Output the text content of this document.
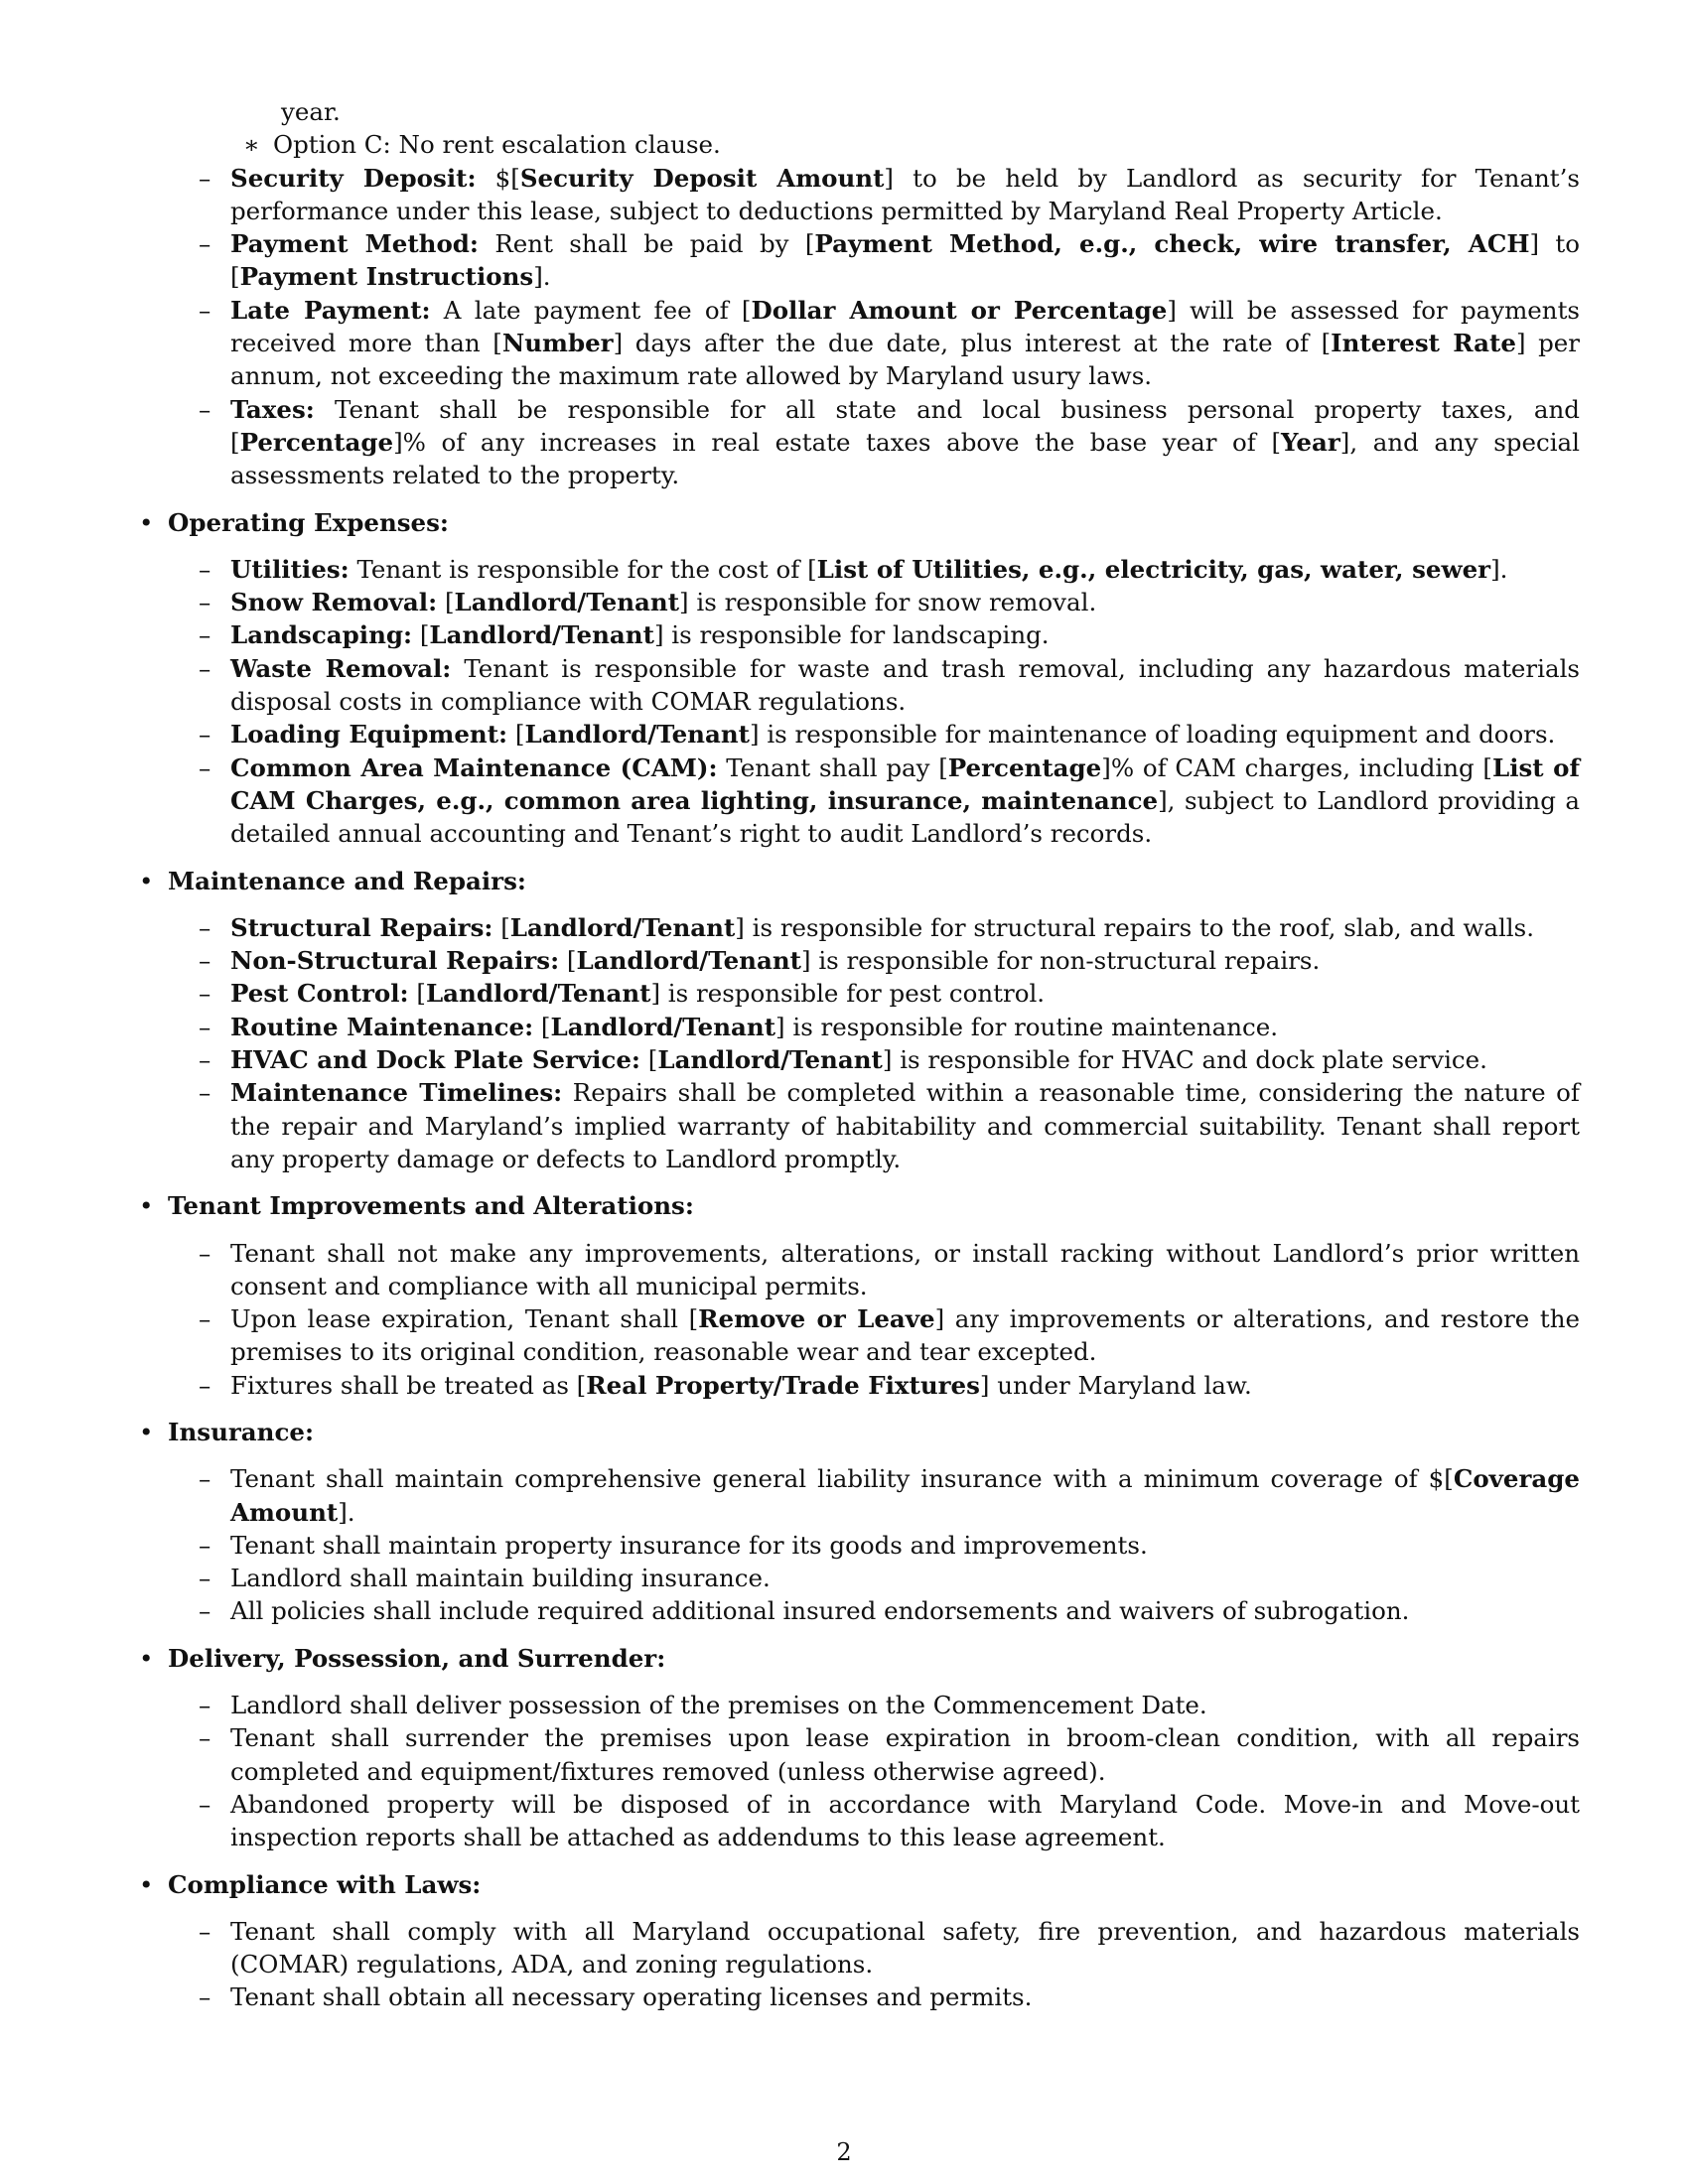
year.
∗ Option C: No rent escalation clause.
– Security Deposit: $[Security Deposit Amount] to be held by Landlord as security for Tenant’s performance under this lease, subject to deductions permitted by Maryland Real Property Article.
– Payment Method: Rent shall be paid by [Payment Method, e.g., check, wire transfer, ACH] to [Payment Instructions].
– Late Payment: A late payment fee of [Dollar Amount or Percentage] will be assessed for payments received more than [Number] days after the due date, plus interest at the rate of [Interest Rate] per annum, not exceeding the maximum rate allowed by Maryland usury laws.
– Taxes: Tenant shall be responsible for all state and local business personal property taxes, and [Percentage]% of any increases in real estate taxes above the base year of [Year], and any special assessments related to the property.
• Operating Expenses:
– Utilities: Tenant is responsible for the cost of [List of Utilities, e.g., electricity, gas, water, sewer].
– Snow Removal: [Landlord/Tenant] is responsible for snow removal.
– Landscaping: [Landlord/Tenant] is responsible for landscaping.
– Waste Removal: Tenant is responsible for waste and trash removal, including any hazardous materials disposal costs in compliance with COMAR regulations.
– Loading Equipment: [Landlord/Tenant] is responsible for maintenance of loading equipment and doors.
– Common Area Maintenance (CAM): Tenant shall pay [Percentage]% of CAM charges, including [List of CAM Charges, e.g., common area lighting, insurance, maintenance], subject to Landlord providing a detailed annual accounting and Tenant’s right to audit Landlord’s records.
• Maintenance and Repairs:
– Structural Repairs: [Landlord/Tenant] is responsible for structural repairs to the roof, slab, and walls.
– Non-Structural Repairs: [Landlord/Tenant] is responsible for non-structural repairs.
– Pest Control: [Landlord/Tenant] is responsible for pest control.
– Routine Maintenance: [Landlord/Tenant] is responsible for routine maintenance.
– HVAC and Dock Plate Service: [Landlord/Tenant] is responsible for HVAC and dock plate service.
– Maintenance Timelines: Repairs shall be completed within a reasonable time, considering the nature of the repair and Maryland’s implied warranty of habitability and commercial suitability. Tenant shall report any property damage or defects to Landlord promptly.
• Tenant Improvements and Alterations:
– Tenant shall not make any improvements, alterations, or install racking without Landlord’s prior written consent and compliance with all municipal permits.
– Upon lease expiration, Tenant shall [Remove or Leave] any improvements or alterations, and restore the premises to its original condition, reasonable wear and tear excepted.
– Fixtures shall be treated as [Real Property/Trade Fixtures] under Maryland law.
• Insurance:
– Tenant shall maintain comprehensive general liability insurance with a minimum coverage of $[Coverage Amount].
– Tenant shall maintain property insurance for its goods and improvements.
– Landlord shall maintain building insurance.
– All policies shall include required additional insured endorsements and waivers of subrogation.
• Delivery, Possession, and Surrender:
– Landlord shall deliver possession of the premises on the Commencement Date.
– Tenant shall surrender the premises upon lease expiration in broom-clean condition, with all repairs completed and equipment/fixtures removed (unless otherwise agreed).
– Abandoned property will be disposed of in accordance with Maryland Code. Move-in and Move-out inspection reports shall be attached as addendums to this lease agreement.
• Compliance with Laws:
– Tenant shall comply with all Maryland occupational safety, fire prevention, and hazardous materials (COMAR) regulations, ADA, and zoning regulations.
– Tenant shall obtain all necessary operating licenses and permits.
2
